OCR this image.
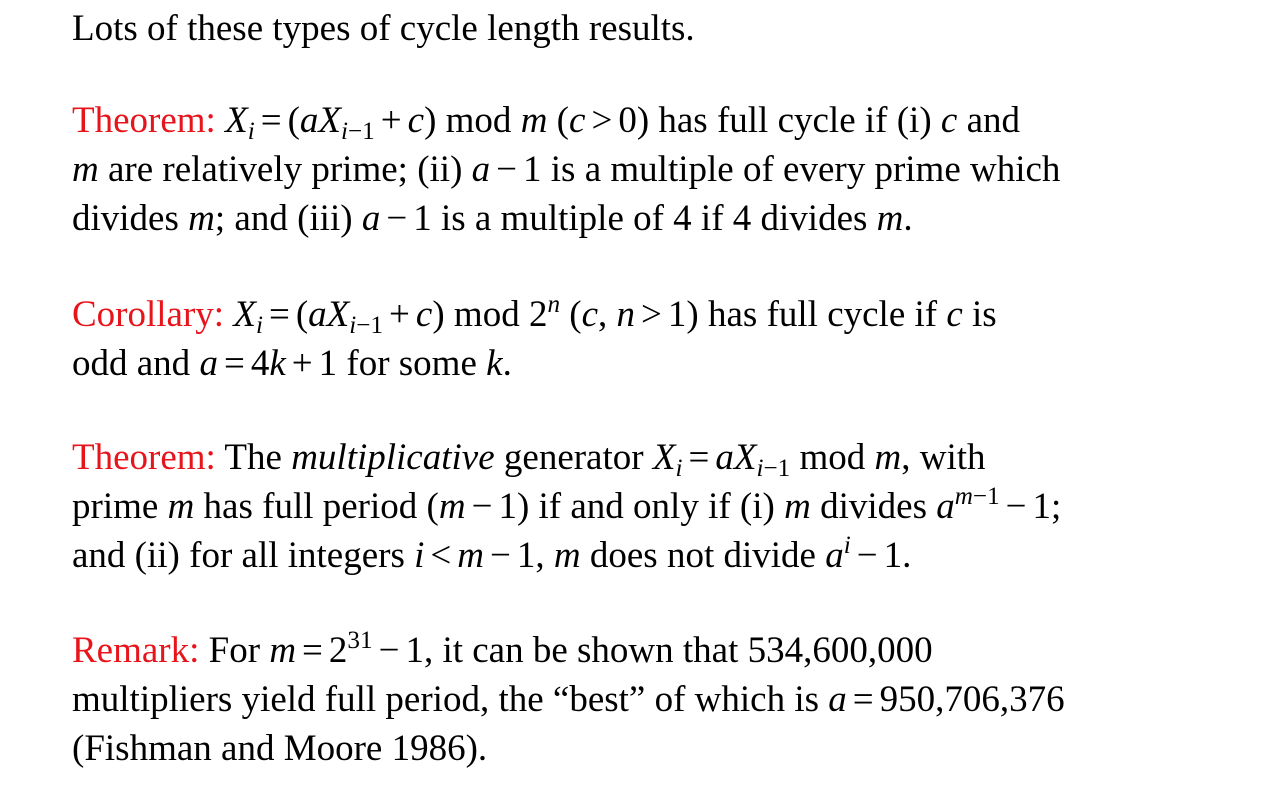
Lots of these types of cycle length results.
Theorem: $X_i = (aX_{i-1} + c)$ mod m (c > 0) has full cycle if (i) c and
m are relatively prime; (ii) a − 1 is a multiple of every prime which
divides m; and (iii) a − 1 is a multiple of 4 if 4 divides m.
Corollary: $X_i = (aX_{i-1} + c)$ mod 2$^n$ (c, n > 1) has full cycle if c is
odd and a = 4k + 1 for some k.
Theorem: The multiplicative generator $X_i = aX_{i-1}$ mod m, with
prime m has full period (m − 1) if and only if (i) m divides $a^{m-1} - 1$;
and (ii) for all integers i < m − 1, m does not divide $a^i - 1$.
Remark: For $m = 2^{31} - 1$, it can be shown that 534,600,000
multipliers yield full period, the “best” of which is a = 950,706,376
(Fishman and Moore 1986).
